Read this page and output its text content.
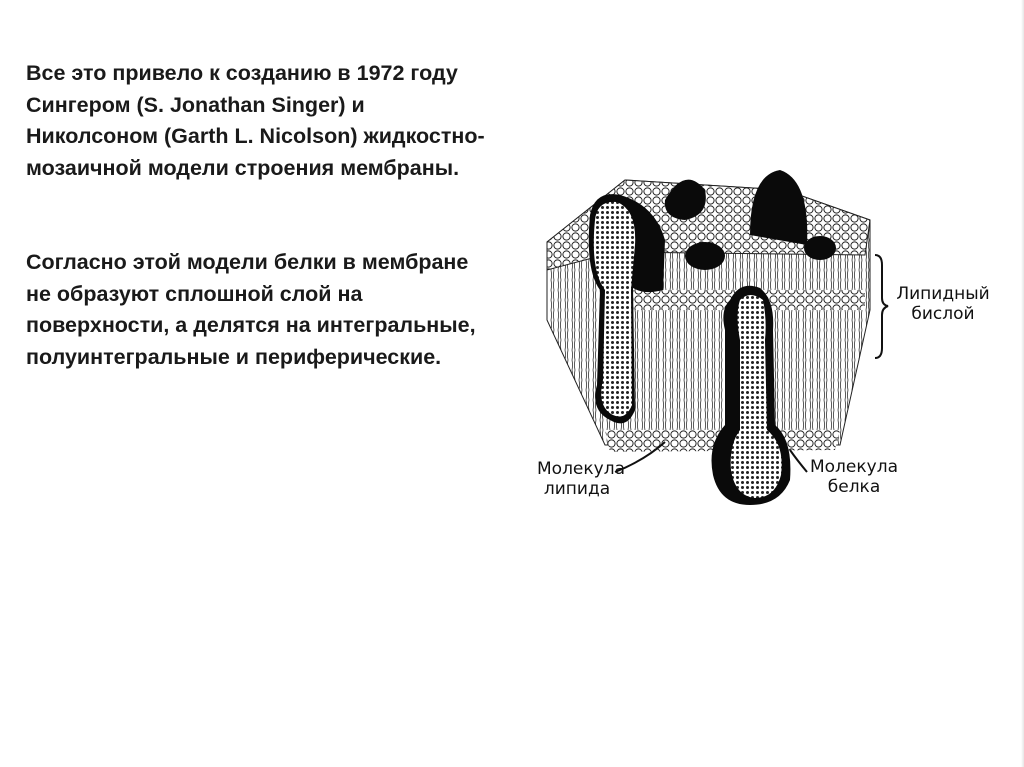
Все это привело к созданию в 1972 году Сингером (S. Jonathan Singer) и Николсоном (Garth L. Nicolson) жидкостно-мозаичной модели строения мембраны.

Согласно этой модели белки в мембране не образуют сплошной слой на поверхности, а делятся на интегральные, полуинтегральные и периферические.

Липидный
бислой
Молекула
липида
Молекула
белка
